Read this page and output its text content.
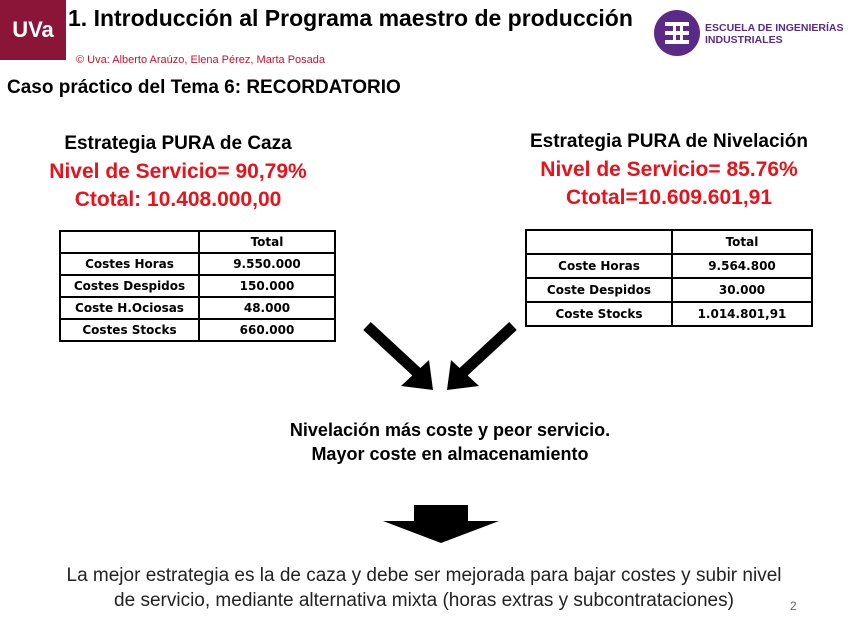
UVa 1. Introducción al Programa maestro de producción
© Uva: Alberto Araúzo, Elena Pérez, Marta Posada
ESCUELA DE INGENIERÍAS
INDUSTRIALES
Caso práctico del Tema 6: RECORDATORIO
Estrategia PURA de Caza
Nivel de Servicio= 90,79%
Ctotal: 10.408.000,00
	Total
Costes Horas	9.550.000
Costes Despidos	150.000
Coste H.Ociosas	48.000
Costes Stocks	660.000
Estrategia PURA de Nivelación
Nivel de Servicio= 85.76%
Ctotal=10.609.601,91
	Total
Coste Horas	9.564.800
Coste Despidos	30.000
Coste Stocks	1.014.801,91
Nivelación más coste y peor servicio.
Mayor coste en almacenamiento
La mejor estrategia es la de caza y debe ser mejorada para bajar costes y subir nivel
de servicio, mediante alternativa mixta (horas extras y subcontrataciones)	2
